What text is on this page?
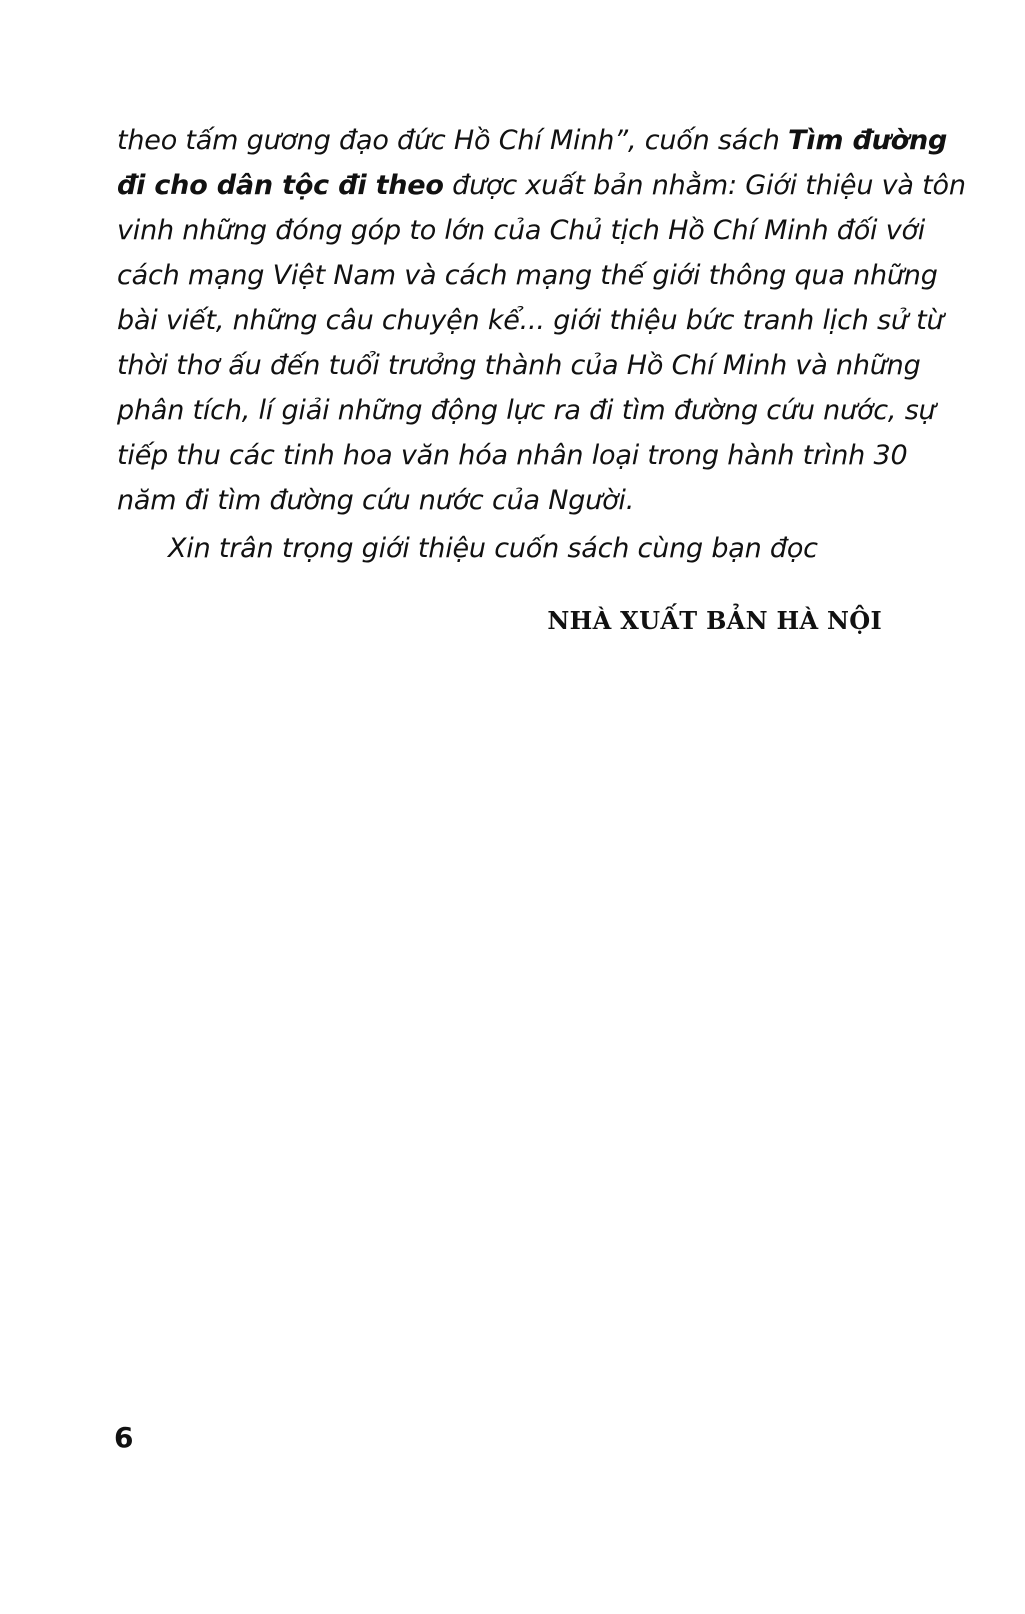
theo tấm gương đạo đức Hồ Chí Minh”, cuốn sách Tìm đường
đi cho dân tộc đi theo được xuất bản nhằm: Giới thiệu và tôn
vinh những đóng góp to lớn của Chủ tịch Hồ Chí Minh đối với
cách mạng Việt Nam và cách mạng thế giới thông qua những
bài viết, những câu chuyện kể... giới thiệu bức tranh lịch sử từ
thời thơ ấu đến tuổi trưởng thành của Hồ Chí Minh và những
phân tích, lí giải những động lực ra đi tìm đường cứu nước, sự
tiếp thu các tinh hoa văn hóa nhân loại trong hành trình 30
năm đi tìm đường cứu nước của Người.
Xin trân trọng giới thiệu cuốn sách cùng bạn đọc
NHÀ XUẤT BẢN HÀ NỘI
6
